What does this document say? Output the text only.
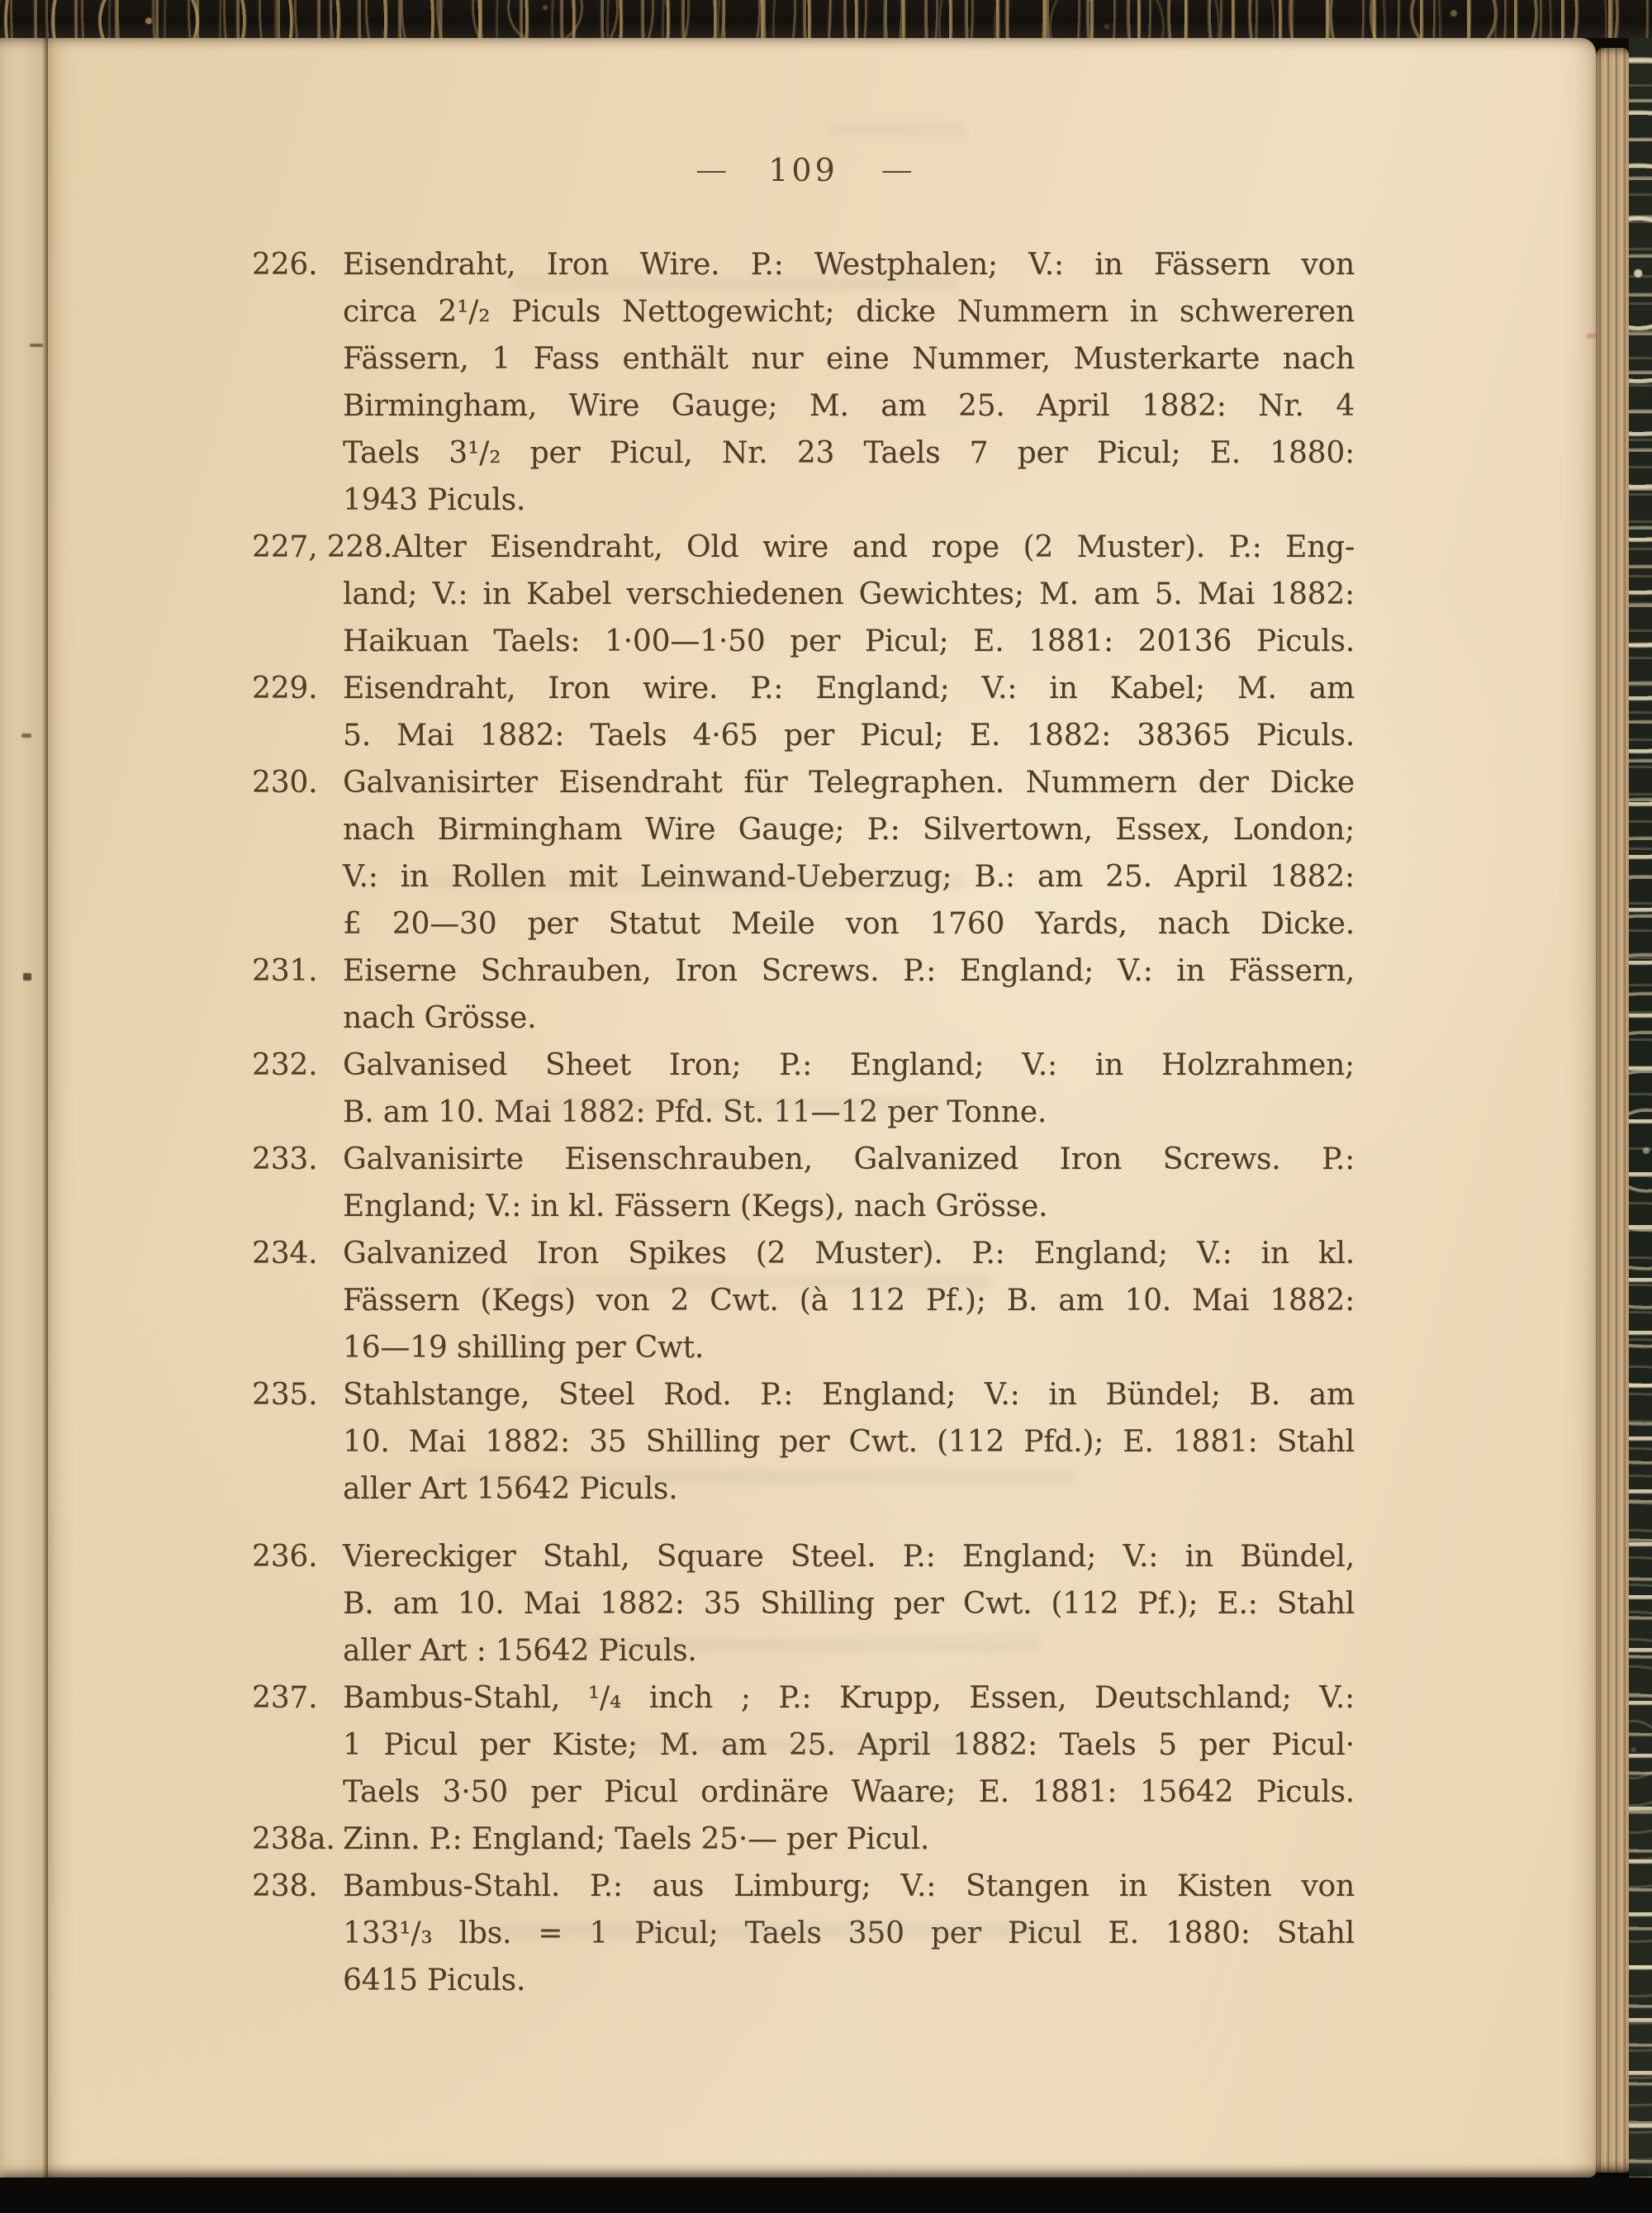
— 109 —
226. Eisendraht, Iron Wire. P.: Westphalen; V.: in Fässern von
circa 2¹/₂ Piculs Nettogewicht; dicke Nummern in schwereren
Fässern, 1 Fass enthält nur eine Nummer, Musterkarte nach
Birmingham, Wire Gauge; M. am 25. April 1882: Nr. 4
Taels 3¹/₂ per Picul, Nr. 23 Taels 7 per Picul; E. 1880:
1943 Piculs.
227, 228.Alter Eisendraht, Old wire and rope (2 Muster). P.: Eng-
land; V.: in Kabel verschiedenen Gewichtes; M. am 5. Mai 1882:
Haikuan Taels: 1·00—1·50 per Picul; E. 1881: 20136 Piculs.
229. Eisendraht, Iron wire. P.: England; V.: in Kabel; M. am
5. Mai 1882: Taels 4·65 per Picul; E. 1882: 38365 Piculs.
230. Galvanisirter Eisendraht für Telegraphen. Nummern der Dicke
nach Birmingham Wire Gauge; P.: Silvertown, Essex, London;
V.: in Rollen mit Leinwand-Ueberzug; B.: am 25. April 1882:
£ 20—30 per Statut Meile von 1760 Yards, nach Dicke.
231. Eiserne Schrauben, Iron Screws. P.: England; V.: in Fässern,
nach Grösse.
232. Galvanised Sheet Iron; P.: England; V.: in Holzrahmen;
B. am 10. Mai 1882: Pfd. St. 11—12 per Tonne.
233. Galvanisirte Eisenschrauben, Galvanized Iron Screws. P.:
England; V.: in kl. Fässern (Kegs), nach Grösse.
234. Galvanized Iron Spikes (2 Muster). P.: England; V.: in kl.
Fässern (Kegs) von 2 Cwt. (à 112 Pf.); B. am 10. Mai 1882:
16—19 shilling per Cwt.
235. Stahlstange, Steel Rod. P.: England; V.: in Bündel; B. am
10. Mai 1882: 35 Shilling per Cwt. (112 Pfd.); E. 1881: Stahl
aller Art 15642 Piculs.
236. Viereckiger Stahl, Square Steel. P.: England; V.: in Bündel,
B. am 10. Mai 1882: 35 Shilling per Cwt. (112 Pf.); E.: Stahl
aller Art : 15642 Piculs.
237. Bambus-Stahl, ¹/₄ inch ; P.: Krupp, Essen, Deutschland; V.:
1 Picul per Kiste; M. am 25. April 1882: Taels 5 per Picul·
Taels 3·50 per Picul ordinäre Waare; E. 1881: 15642 Piculs.
238a. Zinn. P.: England; Taels 25·— per Picul.
238. Bambus-Stahl. P.: aus Limburg; V.: Stangen in Kisten von
133¹/₃ lbs. = 1 Picul; Taels 350 per Picul E. 1880: Stahl
6415 Piculs.
